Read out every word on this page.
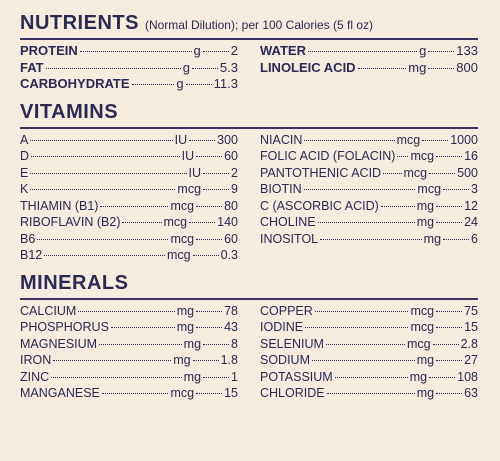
NUTRIENTS (Normal Dilution); per 100 Calories (5 fl oz)
PROTEIN	g 2
FAT	g 5.3
CARBOHYDRATE	g 11.3
WATER	g 133
LINOLEIC ACID	mg 800
VITAMINS
A	IU 300
D	IU 60
E	IU 2
K	mcg 9
THIAMIN (B1)	mcg 80
RIBOFLAVIN (B2)	mcg 140
B6	mcg 60
B12	mcg 0.3
NIACIN	mcg 1000
FOLIC ACID (FOLACIN) mcg 16
PANTOTHENIC ACID mcg 500
BIOTIN	mcg 3
C (ASCORBIC ACID)	mg 12
CHOLINE	mg 24
INOSITOL	mg 6
MINERALS
CALCIUM	mg 78
PHOSPHORUS	mg 43
MAGNESIUM	mg 8
IRON	mg 1.8
ZINC	mg 1
MANGANESE	mcg 15
COPPER	mcg 75
IODINE	mcg 15
SELENIUM	mcg 2.8
SODIUM	mg 27
POTASSIUM	mg 108
CHLORIDE	mg 63
